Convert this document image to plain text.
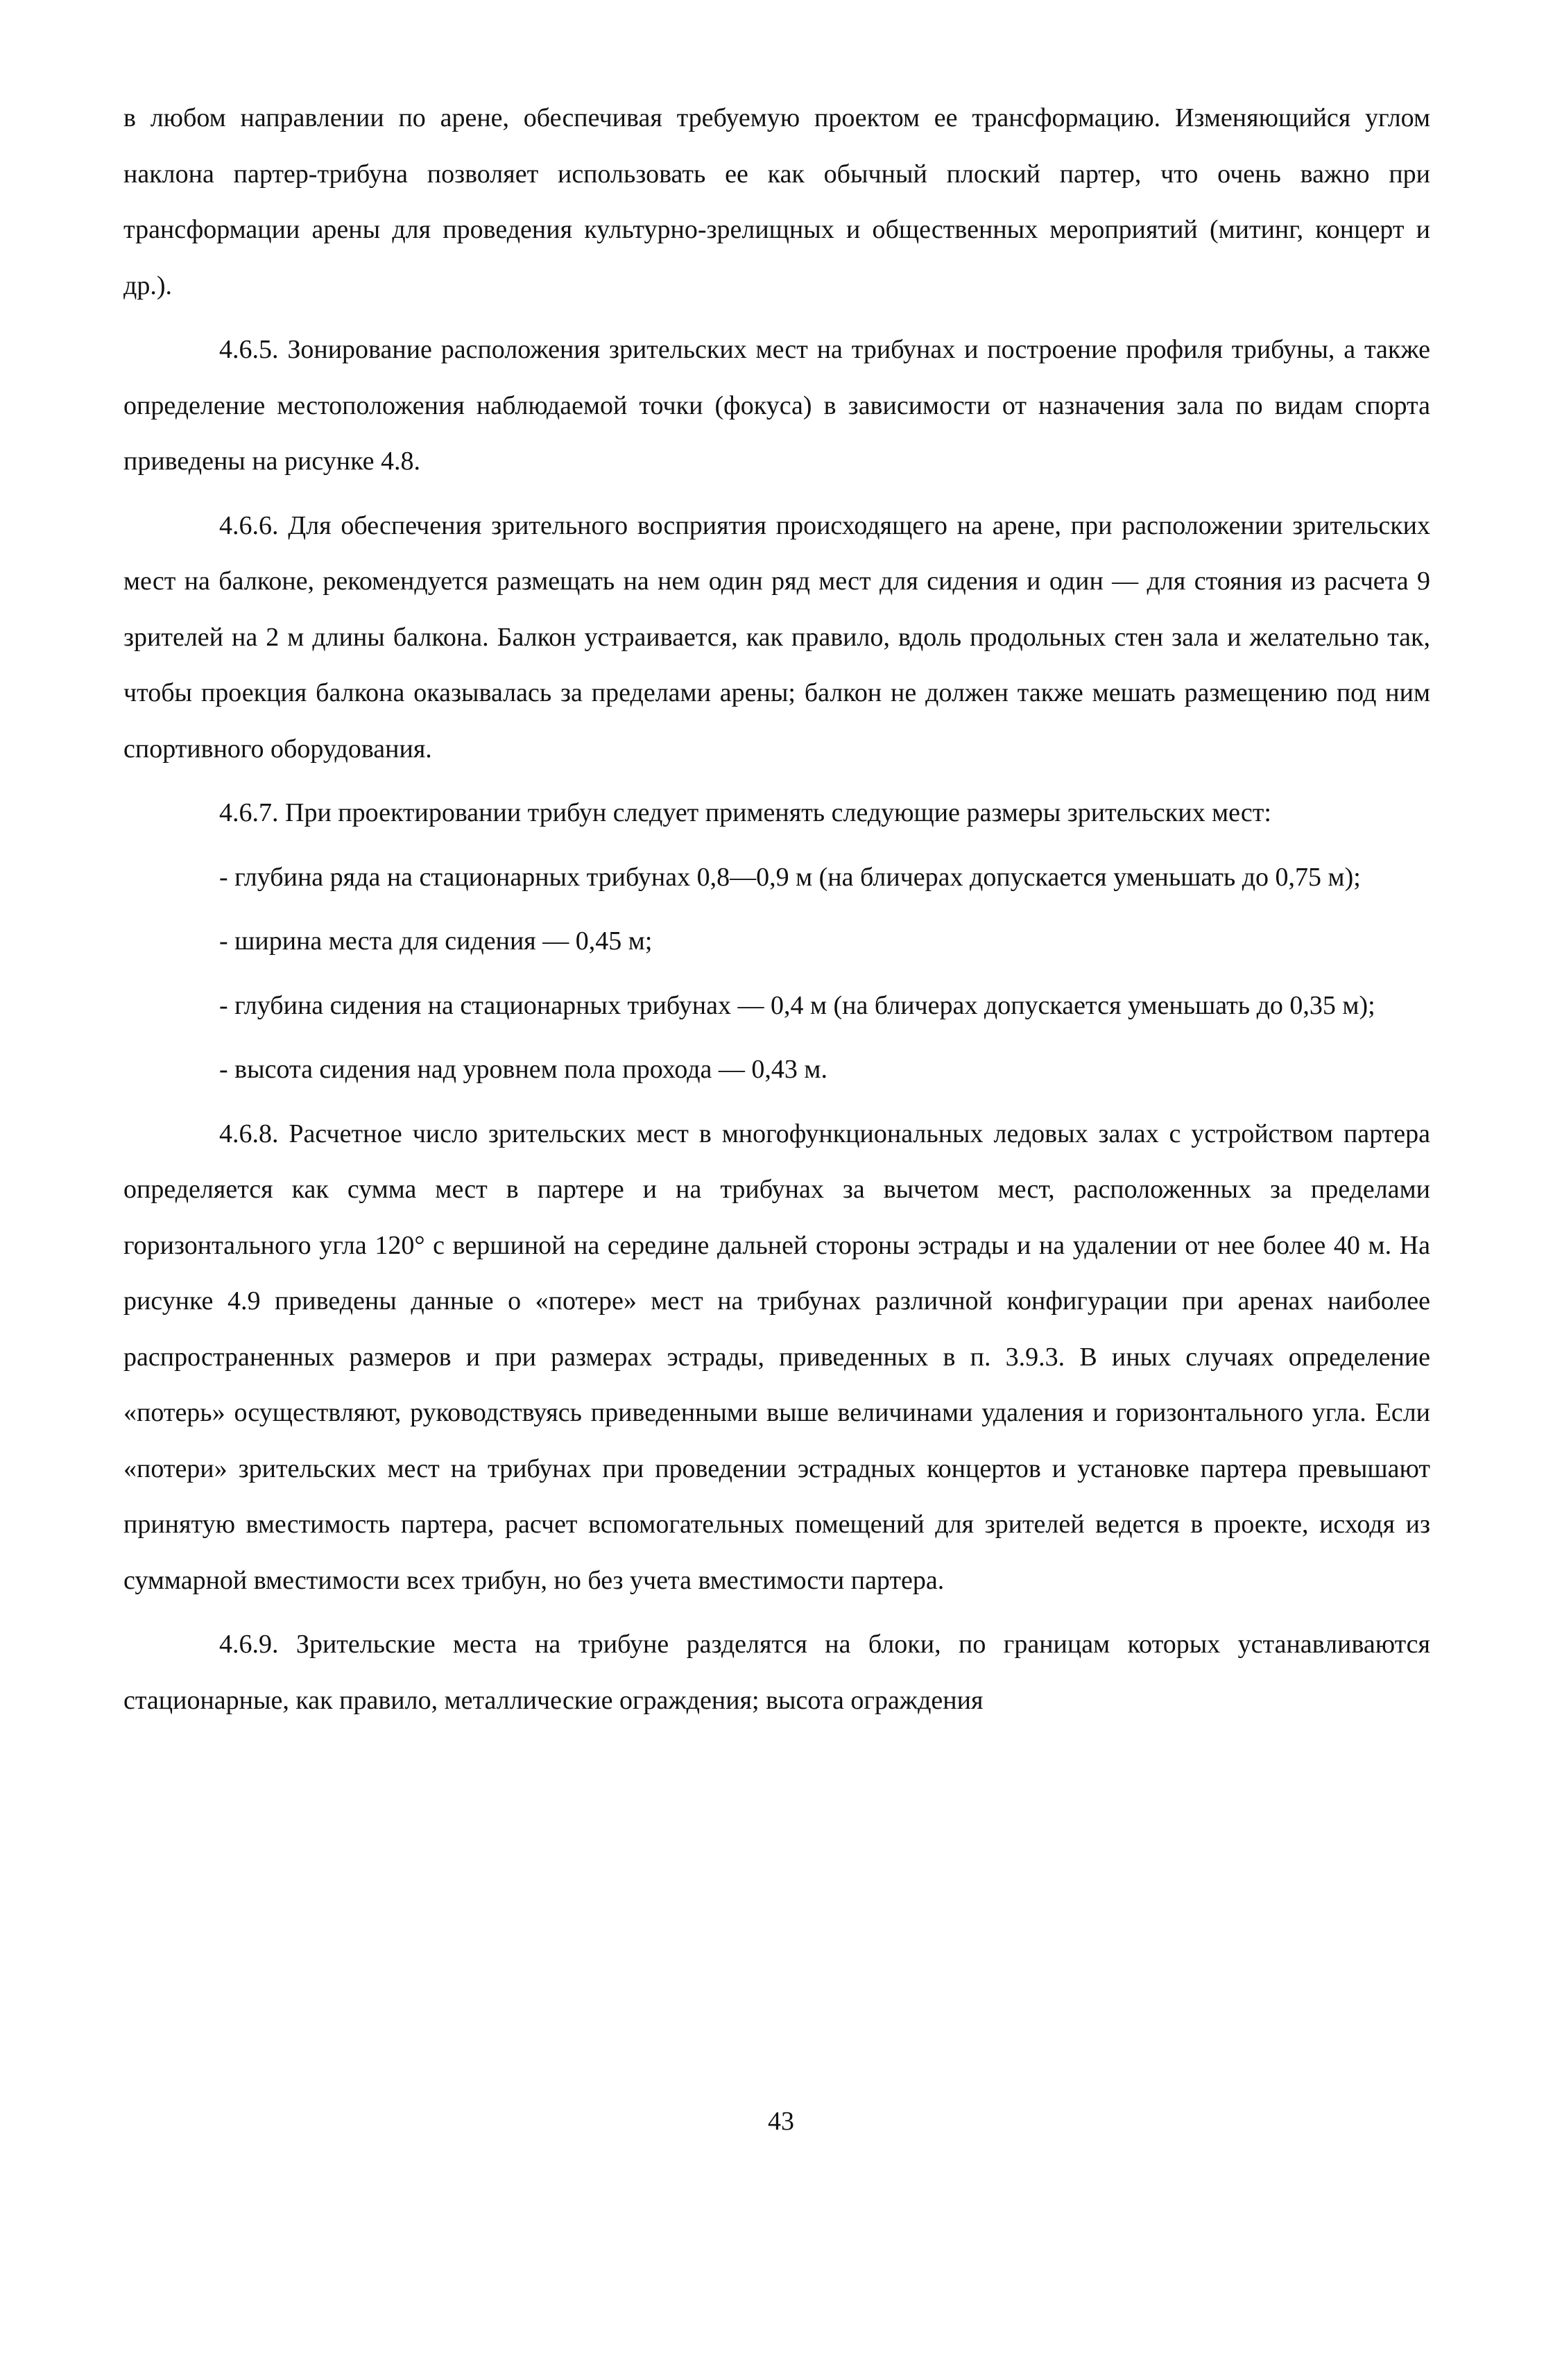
в любом направлении по арене, обеспечивая требуемую проектом ее трансформацию. Изменяющийся углом наклона партер-трибуна позволяет использовать ее как обычный плоский партер, что очень важно при трансформации арены для проведения культурно-зрелищных и общественных мероприятий (митинг, концерт и др.).

4.6.5. Зонирование расположения зрительских мест на трибунах и построение профиля трибуны, а также определение местоположения наблюдаемой точки (фокуса) в зависимости от назначения зала по видам спорта приведены на рисунке 4.8.

4.6.6. Для обеспечения зрительного восприятия происходящего на арене, при расположении зрительских мест на балконе, рекомендуется размещать на нем один ряд мест для сидения и один — для стояния из расчета 9 зрителей на 2 м длины балкона. Балкон устраивается, как правило, вдоль продольных стен зала и желательно так, чтобы проекция балкона оказывалась за пределами арены; балкон не должен также мешать размещению под ним спортивного оборудования.

4.6.7. При проектировании трибун следует применять следующие размеры зрительских мест:

- глубина ряда на стационарных трибунах 0,8—0,9 м (на бличерах допускается уменьшать до 0,75 м);

- ширина места для сидения — 0,45 м;

- глубина сидения на стационарных трибунах — 0,4 м (на бличерах допускается уменьшать до 0,35 м);

- высота сидения над уровнем пола прохода — 0,43 м.

4.6.8. Расчетное число зрительских мест в многофункциональных ледовых залах с устройством партера определяется как сумма мест в партере и на трибунах за вычетом мест, расположенных за пределами горизонтального угла 120° с вершиной на середине дальней стороны эстрады и на удалении от нее более 40 м. На рисунке 4.9 приведены данные о «потере» мест на трибунах различной конфигурации при аренах наиболее распространенных размеров и при размерах эстрады, приведенных в п. 3.9.3. В иных случаях определение «потерь» осуществляют, руководствуясь приведенными выше величинами удаления и горизонтального угла. Если «потери» зрительских мест на трибунах при проведении эстрадных концертов и установке партера превышают принятую вместимость партера, расчет вспомогательных помещений для зрителей ведется в проекте, исходя из суммарной вместимости всех трибун, но без учета вместимости партера.

4.6.9. Зрительские места на трибуне разделятся на блоки, по границам которых устанавливаются стационарные, как правило, металлические ограждения; высота ограждения

43
